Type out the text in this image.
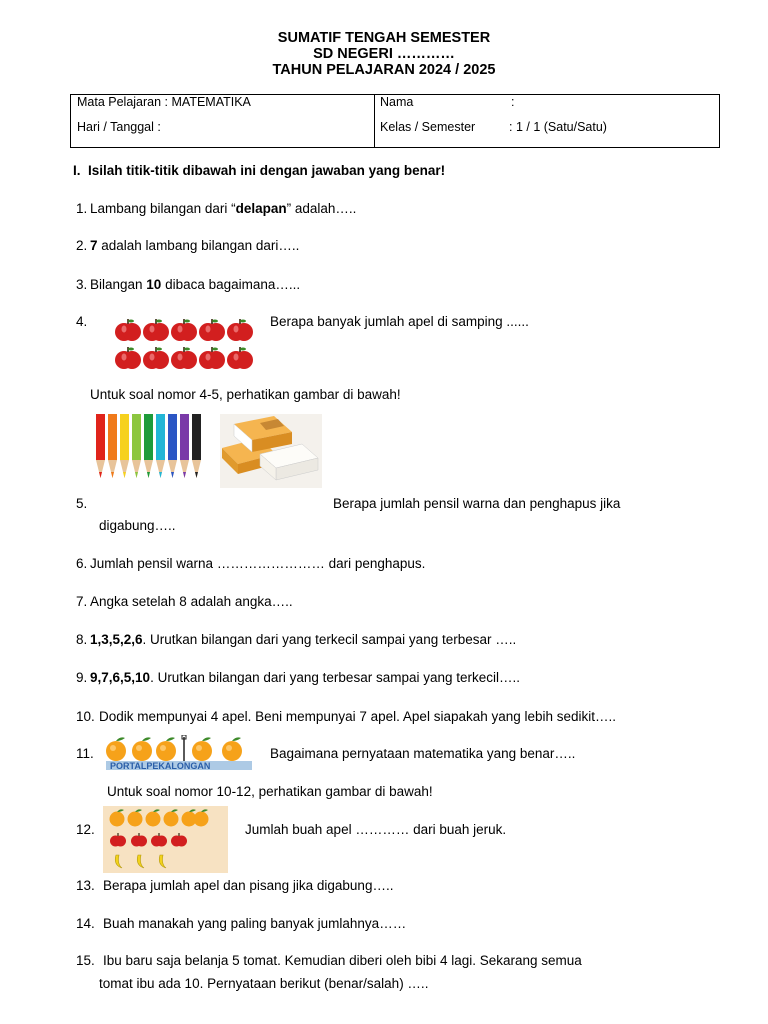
SUMATIF TENGAH SEMESTER
SD NEGERI …………
TAHUN PELAJARAN 2024 / 2025
Mata Pelajaran : MATEMATIKA
Hari / Tanggal :
Nama	:
Kelas / Semester	: 1 / 1 (Satu/Satu)
I. Isilah titik-titik dibawah ini dengan jawaban yang benar!
1. Lambang bilangan dari “delapan” adalah…..
2. 7 adalah lambang bilangan dari…..
3. Bilangan 10 dibaca bagaimana…...
4.	Berapa banyak jumlah apel di samping ......
Untuk soal nomor 4-5, perhatikan gambar di bawah!
5.	Berapa jumlah pensil warna dan penghapus jika
digabung…..
6. Jumlah pensil warna …………………… dari penghapus.
7. Angka setelah 8 adalah angka…..
8. 1,3,5,2,6. Urutkan bilangan dari yang terkecil sampai yang terbesar …..
9. 9,7,6,5,10. Urutkan bilangan dari yang terbesar sampai yang terkecil…..
10. Dodik mempunyai 4 apel. Beni mempunyai 7 apel. Apel siapakah yang lebih sedikit…..
11.
PORTALPEKALONGAN
Bagaimana pernyataan matematika yang benar…..
Untuk soal nomor 10-12, perhatikan gambar di bawah!
12.	Jumlah buah apel ………… dari buah jeruk.
13. Berapa jumlah apel dan pisang jika digabung…..
14. Buah manakah yang paling banyak jumlahnya……
15. Ibu baru saja belanja 5 tomat. Kemudian diberi oleh bibi 4 lagi. Sekarang semua
tomat ibu ada 10. Pernyataan berikut (benar/salah) …..
